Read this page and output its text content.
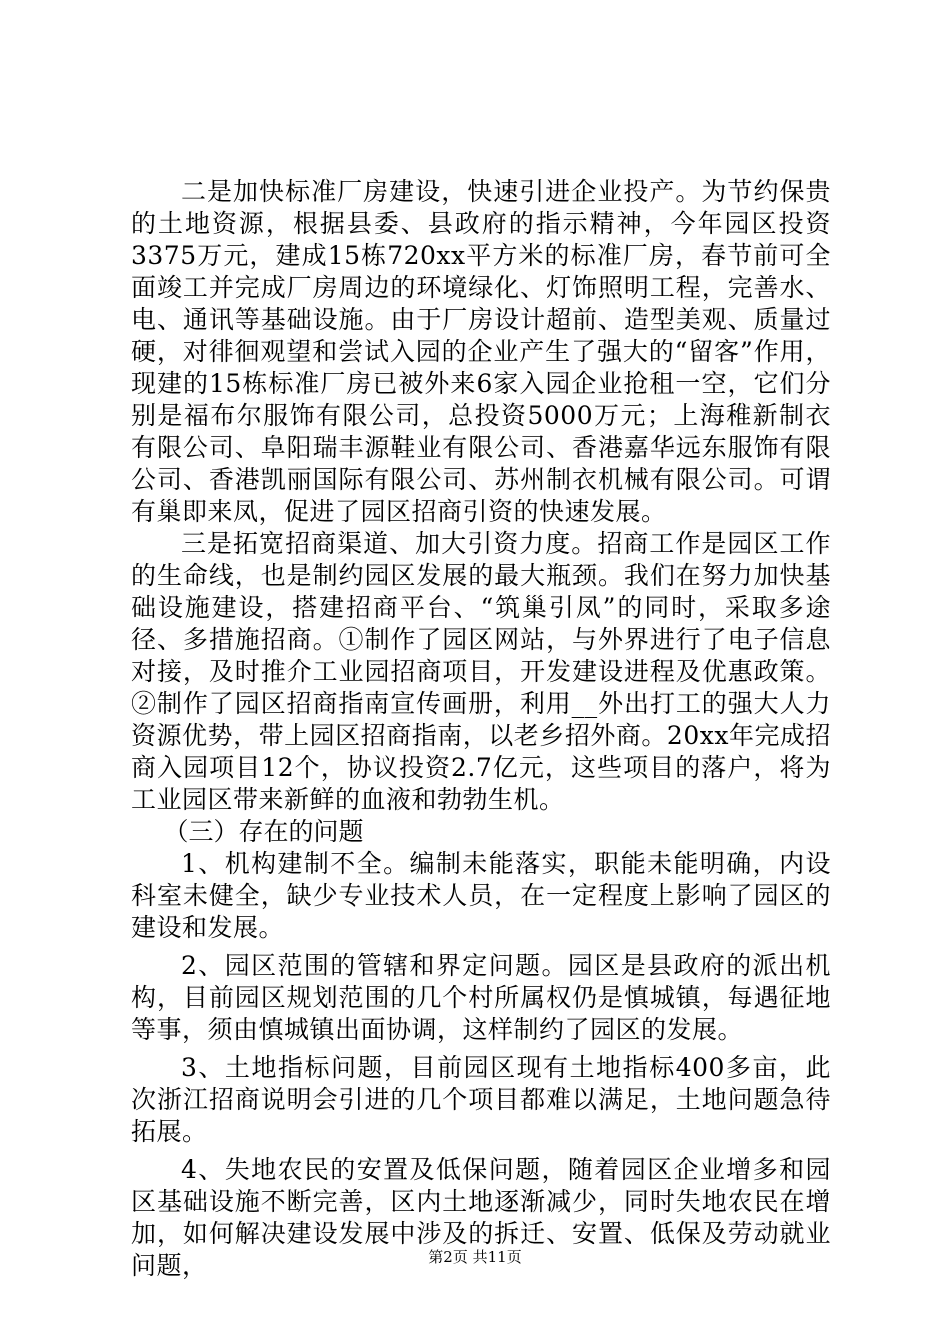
二是加快标准厂房建设，快速引进企业投产。为节约保贵的土地资源，根据县委、县政府的指示精神，今年园区投资3375万元，建成15栋720xx平方米的标准厂房，春节前可全面竣工并完成厂房周边的环境绿化、灯饰照明工程，完善水、电、通讯等基础设施。由于厂房设计超前、造型美观、质量过硬，对徘徊观望和尝试入园的企业产生了强大的“留客”作用，现建的15栋标准厂房已被外来6家入园企业抢租一空，它们分别是福布尔服饰有限公司，总投资5000万元；上海稚新制衣有限公司、阜阳瑞丰源鞋业有限公司、香港嘉华远东服饰有限公司、香港凯丽国际有限公司、苏州制衣机械有限公司。可谓有巢即来凤，促进了园区招商引资的快速发展。

三是拓宽招商渠道、加大引资力度。招商工作是园区工作的生命线，也是制约园区发展的最大瓶颈。我们在努力加快基础设施建设，搭建招商平台、“筑巢引凤”的同时，采取多途径、多措施招商。①制作了园区网站，与外界进行了电子信息对接，及时推介工业园招商项目，开发建设进程及优惠政策。②制作了园区招商指南宣传画册，利用__外出打工的强大人力资源优势，带上园区招商指南，以老乡招外商。20xx年完成招商入园项目12个，协议投资2.7亿元，这些项目的落户，将为工业园区带来新鲜的血液和勃勃生机。

（三）存在的问题

1、机构建制不全。编制未能落实，职能未能明确，内设科室未健全，缺少专业技术人员，在一定程度上影响了园区的建设和发展。

2、园区范围的管辖和界定问题。园区是县政府的派出机构，目前园区规划范围的几个村所属权仍是慎城镇，每遇征地等事，须由慎城镇出面协调，这样制约了园区的发展。

3、土地指标问题，目前园区现有土地指标400多亩，此次浙江招商说明会引进的几个项目都难以满足，土地问题急待拓展。

4、失地农民的安置及低保问题，随着园区企业增多和园区基础设施不断完善，区内土地逐渐减少，同时失地农民在增加，如何解决建设发展中涉及的拆迁、安置、低保及劳动就业问题，	第2页 共11页
